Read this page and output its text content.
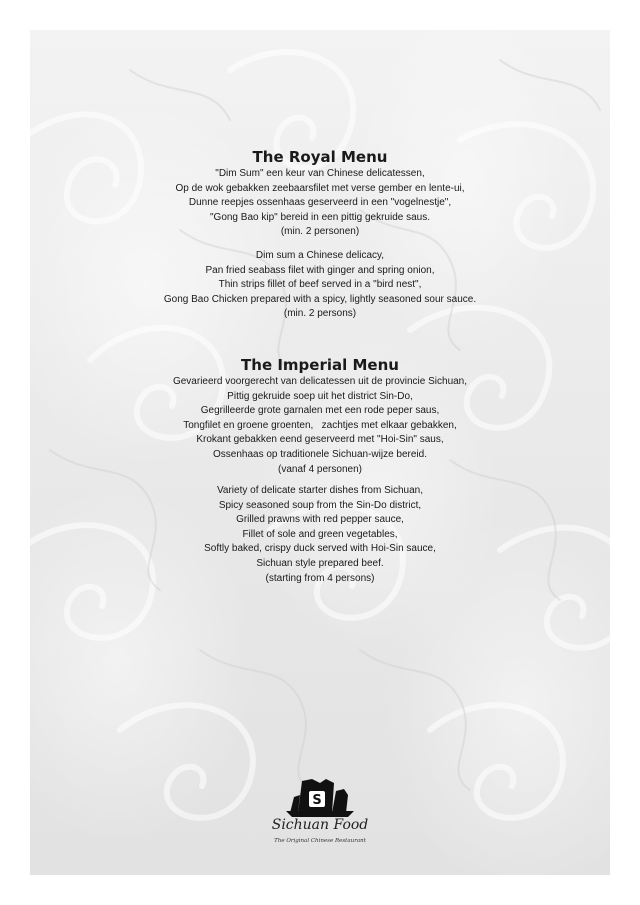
The Royal Menu
"Dim Sum" een keur van Chinese delicatessen,
Op de wok gebakken zeebaarsfilet met verse gember en lente-ui,
Dunne reepjes ossenhaas geserveerd in een "vogelnestje",
"Gong Bao kip" bereid in een pittig gekruide saus.
(min. 2 personen)
Dim sum a Chinese delicacy,
Pan fried seabass filet with ginger and spring onion,
Thin strips fillet of beef served in a "bird nest",
Gong Bao Chicken prepared with a spicy, lightly seasoned sour sauce.
(min. 2 persons)
The Imperial Menu
Gevarieerd voorgerecht van delicatessen uit de provincie Sichuan,
Pittig gekruide soep uit het district Sin-Do,
Gegrilleerde grote garnalen met een rode peper saus,
Tongfilet en groene groenten,   zachtjes met elkaar gebakken,
Krokant gebakken eend geserveerd met "Hoi-Sin" saus,
Ossenhaas op traditionele Sichuan-wijze bereid.
(vanaf 4 personen)
Variety of delicate starter dishes from Sichuan,
Spicy seasoned soup from the Sin-Do district,
Grilled prawns with red pepper sauce,
Fillet of sole and green vegetables,
Softly baked, crispy duck served with Hoi-Sin sauce,
Sichuan style prepared beef.
(starting from 4 persons)
S
Sichuan Food
The Original Chinese Restaurant
